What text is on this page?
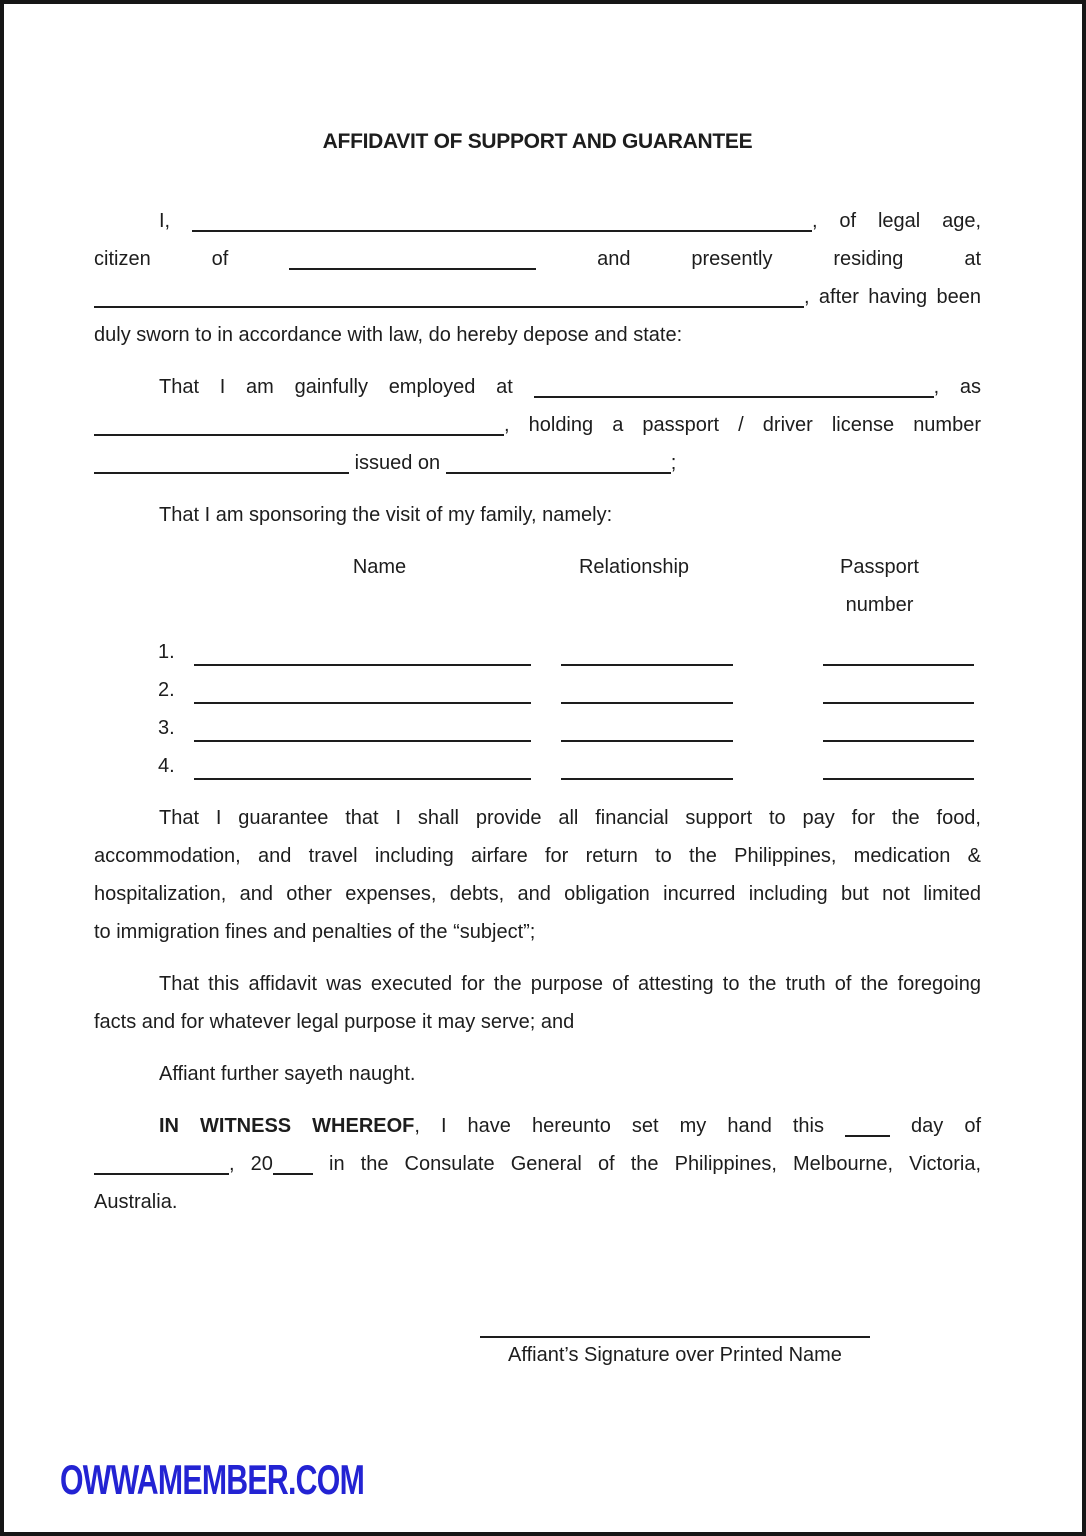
AFFIDAVIT OF SUPPORT AND GUARANTEE
I,	, of legal age,
citizen of	and presently residing at
, after having been
duly sworn to in accordance with law, do hereby depose and state:
That I am gainfully employed at	, as
, holding a passport / driver license number
issued on	;
That I am sponsoring the visit of my family, namely:
Name	Relationship	Passport number
1.
2.
3.
4.
That I guarantee that I shall provide all financial support to pay for the food,
accommodation, and travel including airfare for return to the Philippines, medication &
hospitalization, and other expenses, debts, and obligation incurred including but not limited
to immigration fines and penalties of the “subject”;
That this affidavit was executed for the purpose of attesting to the truth of the foregoing
facts and for whatever legal purpose it may serve; and
Affiant further sayeth naught.
IN WITNESS WHEREOF, I have hereunto set my hand this	day of
, 20	in the Consulate General of the Philippines, Melbourne, Victoria,
Australia.
Affiant’s Signature over Printed Name
OWWAMEMBER.COM
